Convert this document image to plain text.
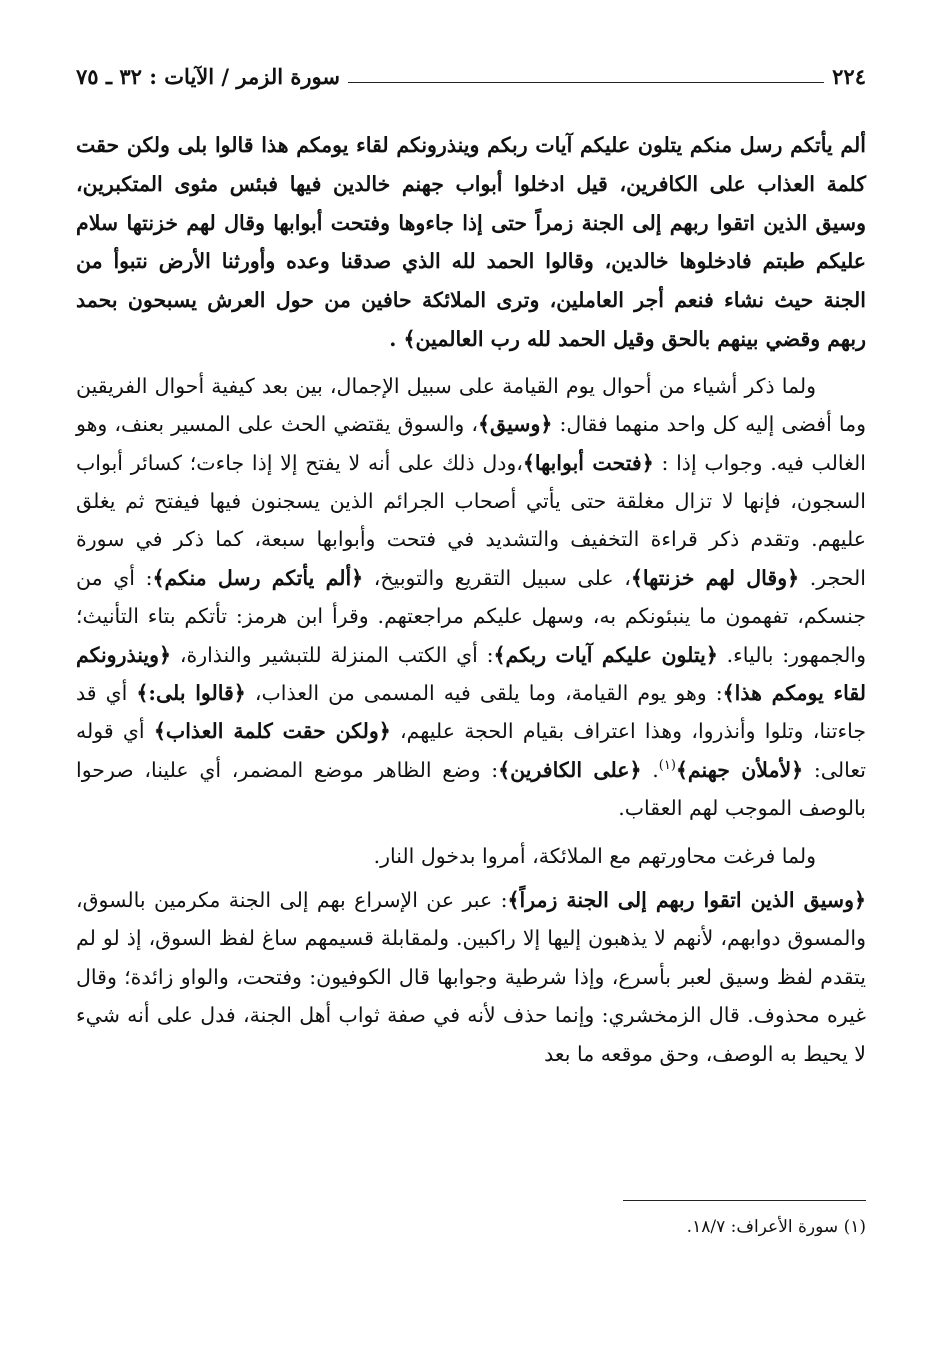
٢٢٤
سورة الزمر / الآيات : ٣٢ ـ ٧٥

ألم يأتكم رسل منكم يتلون عليكم آيات ربكم وينذرونكم لقاء يومكم هذا قالوا بلى ولكن حقت كلمة العذاب على الكافرين، قيل ادخلوا أبواب جهنم خالدين فيها فبئس مثوى المتكبرين، وسيق الذين اتقوا ربهم إلى الجنة زمراً حتى إذا جاءوها وفتحت أبوابها وقال لهم خزنتها سلام عليكم طبتم فادخلوها خالدين، وقالوا الحمد لله الذي صدقنا وعده وأورثنا الأرض نتبوأ من الجنة حيث نشاء فنعم أجر العاملين، وترى الملائكة حافين من حول العرش يسبحون بحمد ربهم وقضي بينهم بالحق وقيل الحمد لله رب العالمين﴾ .

ولما ذكر أشياء من أحوال يوم القيامة على سبيل الإجمال، بين بعد كيفية أحوال الفريقين وما أفضى إليه كل واحد منهما فقال: ﴿وسيق﴾، والسوق يقتضي الحث على المسير بعنف، وهو الغالب فيه. وجواب إذا : ﴿فتحت أبوابها﴾،ودل ذلك على أنه لا يفتح إلا إذا جاءت؛ كسائر أبواب السجون، فإنها لا تزال مغلقة حتى يأتي أصحاب الجرائم الذين يسجنون فيها فيفتح ثم يغلق عليهم. وتقدم ذكر قراءة التخفيف والتشديد في فتحت وأبوابها سبعة، كما ذكر في سورة الحجر. ﴿وقال لهم خزنتها﴾، على سبيل التقريع والتوبيخ، ﴿ألم يأتكم رسل منكم﴾: أي من جنسكم، تفهمون ما ينبئونكم به، وسهل عليكم مراجعتهم. وقرأ ابن هرمز: تأتكم بتاء التأنيث؛ والجمهور: بالياء. ﴿يتلون عليكم آيات ربكم﴾: أي الكتب المنزلة للتبشير والنذارة، ﴿وينذرونكم لقاء يومكم هذا﴾: وهو يوم القيامة، وما يلقى فيه المسمى من العذاب، ﴿قالوا بلى:﴾ أي قد جاءتنا، وتلوا وأنذروا، وهذا اعتراف بقيام الحجة عليهم، ﴿ولكن حقت كلمة العذاب﴾ أي قوله تعالى: ﴿لأملأن جهنم﴾$^{(١)}$. ﴿على الكافرين﴾: وضع الظاهر موضع المضمر، أي علينا، صرحوا بالوصف الموجب لهم العقاب.

ولما فرغت محاورتهم مع الملائكة، أمروا بدخول النار.

﴿وسيق الذين اتقوا ربهم إلى الجنة زمراً﴾: عبر عن الإسراع بهم إلى الجنة مكرمين بالسوق، والمسوق دوابهم، لأنهم لا يذهبون إليها إلا راكبين. ولمقابلة قسيمهم ساغ لفظ السوق، إذ لو لم يتقدم لفظ وسيق لعبر بأسرع، وإذا شرطية وجوابها قال الكوفيون: وفتحت، والواو زائدة؛ وقال غيره محذوف. قال الزمخشري: وإنما حذف لأنه في صفة ثواب أهل الجنة، فدل على أنه شيء لا يحيط به الوصف، وحق موقعه ما بعد

(١) سورة الأعراف: ١٨/٧.
